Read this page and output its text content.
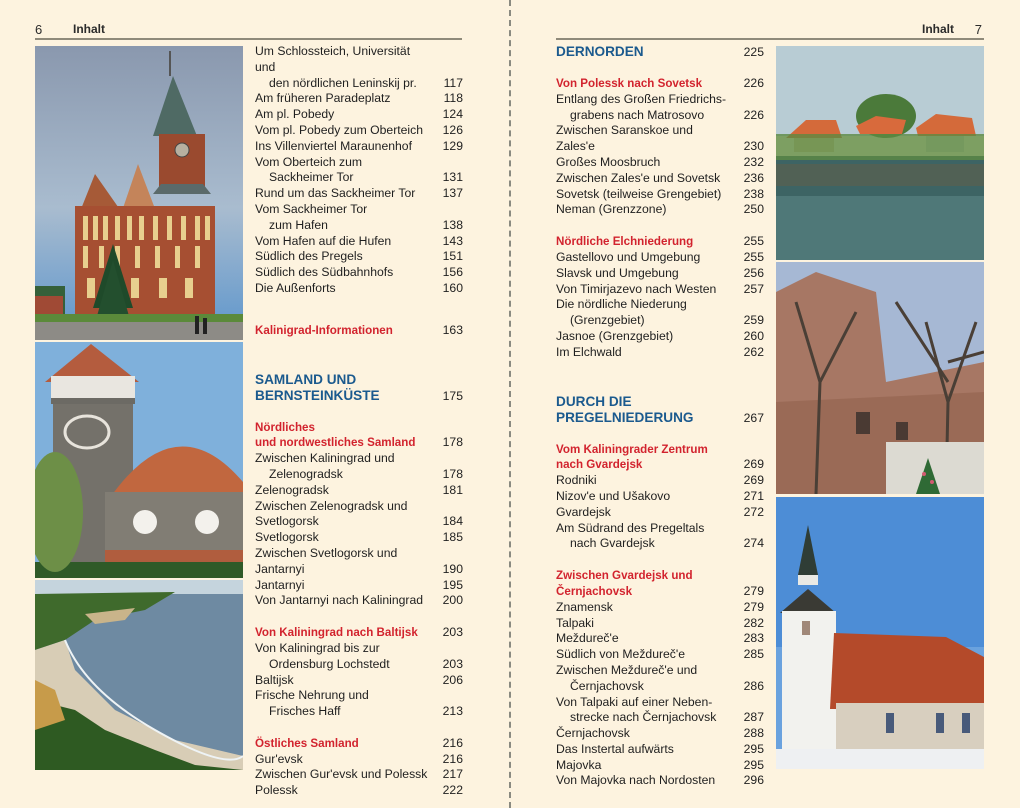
6	Inhalt
Um Schlossteich, Universität und
den nördlichen Leninskij pr.	117
Am früheren Paradeplatz	118
Am pl. Pobedy	124
Vom pl. Pobedy zum Oberteich	126
Ins Villenviertel Maraunenhof	129
Vom Oberteich zum
Sackheimer Tor	131
Rund um das Sackheimer Tor	137
Vom Sackheimer Tor
zum Hafen	138
Vom Hafen auf die Hufen	143
Südlich des Pregels	151
Südlich des Südbahnhofs	156
Die Außenforts	160
Kalinigrad-Informationen	163
SAMLAND UND
BERNSTEINKÜSTE	175
Nördliches
und nordwestliches Samland	178
Zwischen Kaliningrad und
Zelenogradsk	178
Zelenogradsk	181
Zwischen Zelenogradsk und
Svetlogorsk	184
Svetlogorsk	185
Zwischen Svetlogorsk und
Jantarnyi	190
Jantarnyi	195
Von Jantarnyi nach Kaliningrad	200
Von Kaliningrad nach Baltijsk	203
Von Kaliningrad bis zur
Ordensburg Lochstedt	203
Baltijsk	206
Frische Nehrung und
Frisches Haff	213
Östliches Samland	216
Gur'evsk	216
Zwischen Gur'evsk und Polessk	217
Polessk	222
Inhalt 7
DERNORDEN	225
Von Polessk nach Sovetsk	226
Entlang des Großen Friedrichs-
grabens nach Matrosovo	226
Zwischen Saranskoe und Zales'e	230
Großes Moosbruch	232
Zwischen Zales'e und Sovetsk	236
Sovetsk (teilweise Grengebiet)	238
Neman (Grenzzone)	250
Nördliche Elchniederung	255
Gastellovo und Umgebung	255
Slavsk und Umgebung	256
Von Timirjazevo nach Westen	257
Die nördliche Niederung
(Grenzgebiet)	259
Jasnoe (Grenzgebiet)	260
Im Elchwald	262
DURCH DIE
PREGELNIEDERUNG	267
Vom Kaliningrader Zentrum
nach Gvardejsk	269
Rodniki	269
Nizov'e und Ušakovo	271
Gvardejsk	272
Am Südrand des Pregeltals
nach Gvardejsk	274
Zwischen Gvardejsk und
Černjachovsk	279
Znamensk	279
Talpaki	282
Meždureč'e	283
Südlich von Meždureč'e	285
Zwischen Meždureč'e und
Černjachovsk	286
Von Talpaki auf einer Neben-
strecke nach Černjachovsk	287
Černjachovsk	288
Das Instertal aufwärts	295
Majovka	295
Von Majovka nach Nordosten	296
